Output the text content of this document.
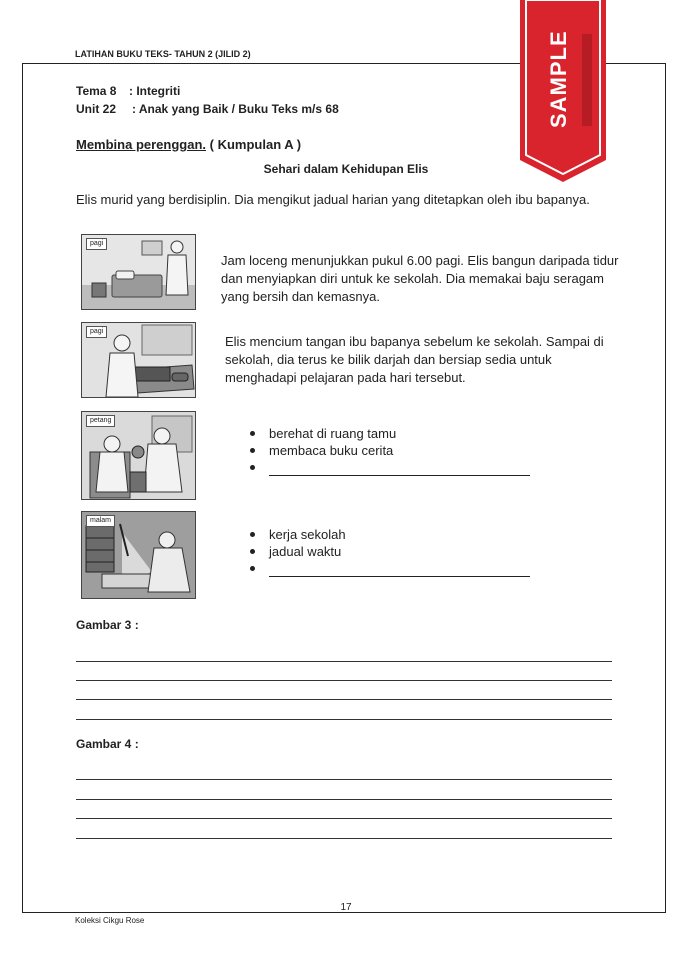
LATIHAN BUKU TEKS- TAHUN 2 (JILID 2)	SAMPLE
Tema 8 : Integriti
Unit 22 : Anak yang Baik / Buku Teks m/s 68
Membina perenggan. ( Kumpulan A )
Sehari dalam Kehidupan Elis
Elis murid yang berdisiplin. Dia mengikut jadual harian yang ditetapkan oleh ibu bapanya.
pagi
Jam loceng menunjukkan pukul 6.00 pagi. Elis bangun daripada tidur dan menyiapkan diri untuk ke sekolah. Dia memakai baju seragam yang bersih dan kemasnya.
pagi
Elis mencium tangan ibu bapanya sebelum ke sekolah. Sampai di sekolah, dia terus ke bilik darjah dan bersiap sedia untuk menghadapi pelajaran pada hari tersebut.
petang
berehat di ruang tamu
membaca buku cerita
malam
kerja sekolah
jadual waktu
Gambar 3 :
Gambar 4 :
17
Koleksi Cikgu Rose
